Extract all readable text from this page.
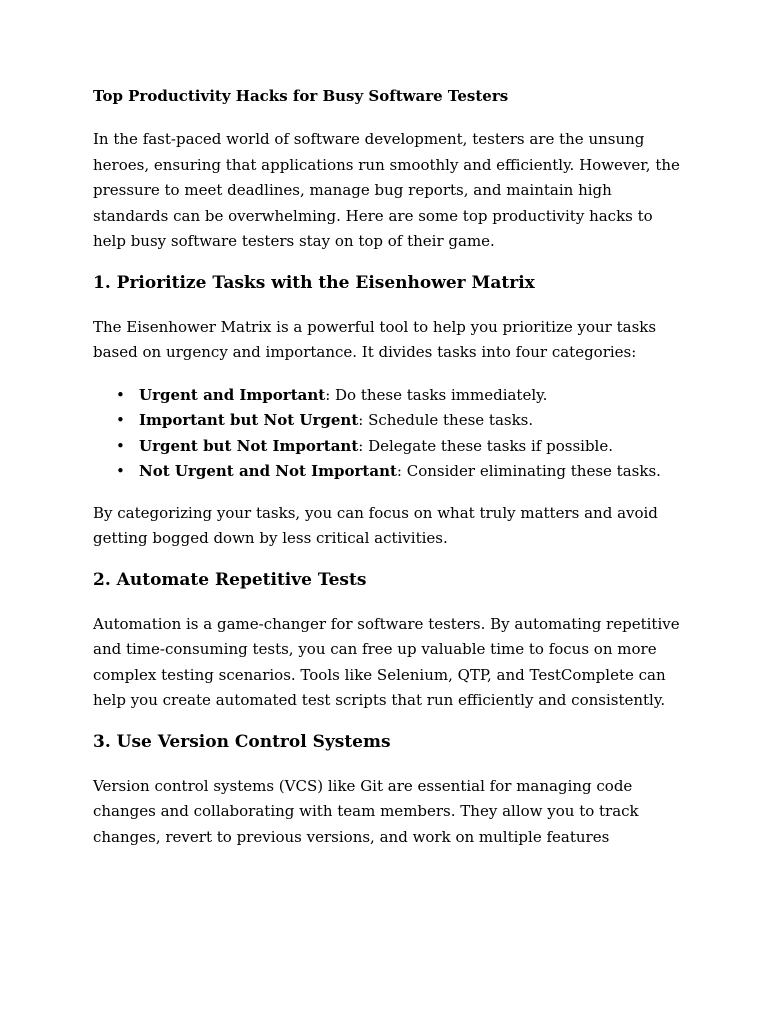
Top Productivity Hacks for Busy Software Testers

In the fast-paced world of software development, testers are the unsung heroes, ensuring that applications run smoothly and efficiently. However, the pressure to meet deadlines, manage bug reports, and maintain high standards can be overwhelming. Here are some top productivity hacks to help busy software testers stay on top of their game.

1. Prioritize Tasks with the Eisenhower Matrix

The Eisenhower Matrix is a powerful tool to help you prioritize your tasks based on urgency and importance. It divides tasks into four categories:

• Urgent and Important: Do these tasks immediately.
• Important but Not Urgent: Schedule these tasks.
• Urgent but Not Important: Delegate these tasks if possible.
• Not Urgent and Not Important: Consider eliminating these tasks.

By categorizing your tasks, you can focus on what truly matters and avoid getting bogged down by less critical activities.

2. Automate Repetitive Tests

Automation is a game-changer for software testers. By automating repetitive and time-consuming tests, you can free up valuable time to focus on more complex testing scenarios. Tools like Selenium, QTP, and TestComplete can help you create automated test scripts that run efficiently and consistently.

3. Use Version Control Systems

Version control systems (VCS) like Git are essential for managing code changes and collaborating with team members. They allow you to track changes, revert to previous versions, and work on multiple features
